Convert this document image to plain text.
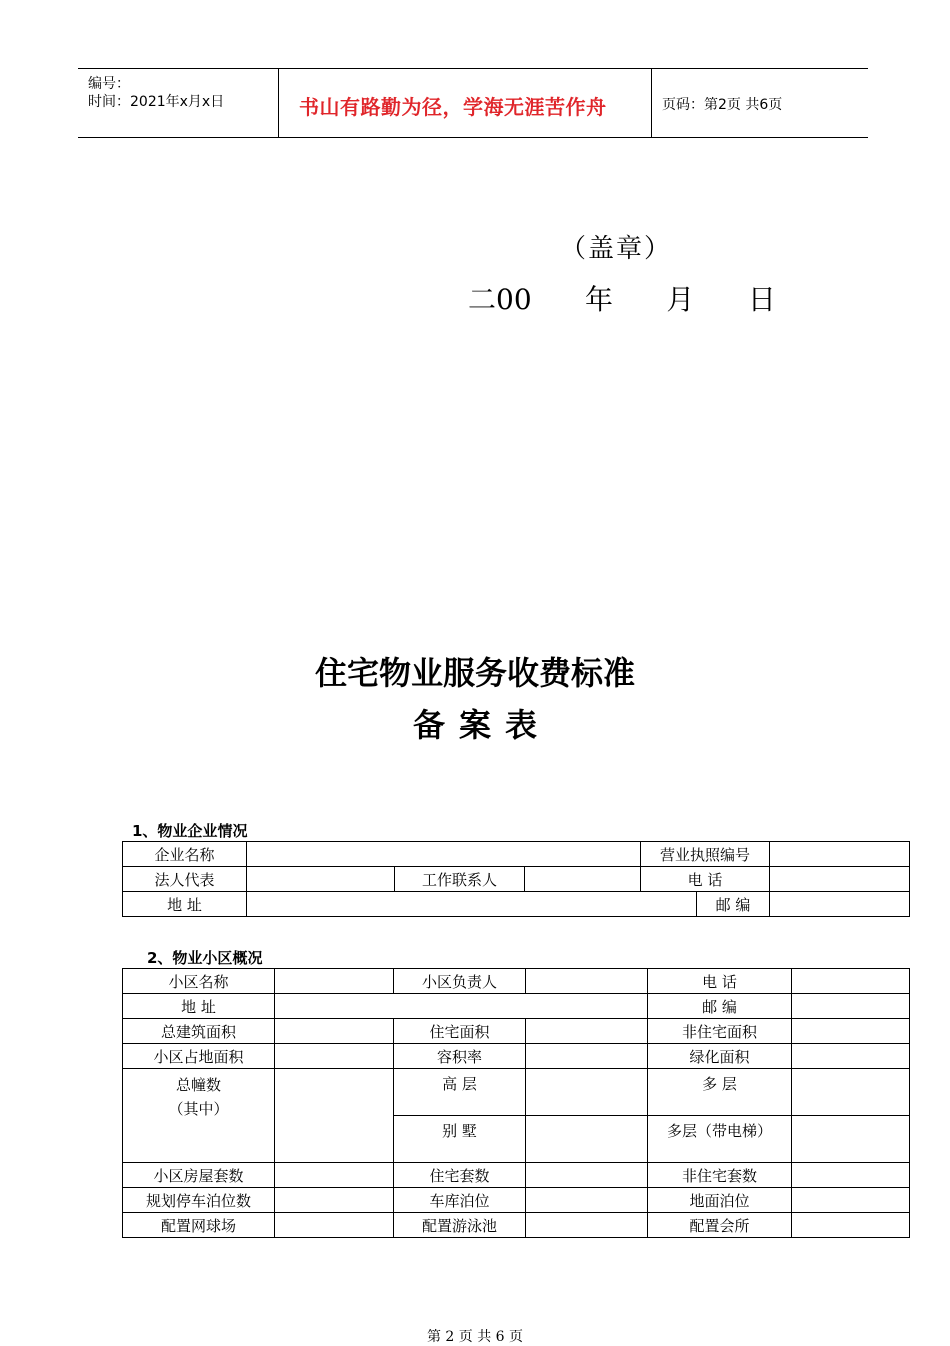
编号：
时间：2021年x月x日	书山有路勤为径，学海无涯苦作舟	页码：第2页 共6页
（盖章）
二00      年      月      日
住宅物业服务收费标准
备案表
1、物业企业情况
企业名称				营业执照编号		
法人代表		工作联系人		电 话		
地 址					邮 编	
2、物业小区概况
小区名称		小区负责人		电 话	
地 址				邮 编	
总建筑面积		住宅面积		非住宅面积	
小区占地面积		容积率		绿化面积	

总幢数
（其中）		高 层		多 层	
		别 墅		多层（带电梯）	
小区房屋套数		住宅套数		非住宅套数	
规划停车泊位数		车库泊位		地面泊位	
配置网球场		配置游泳池		配置会所	
第 2 页 共 6 页
